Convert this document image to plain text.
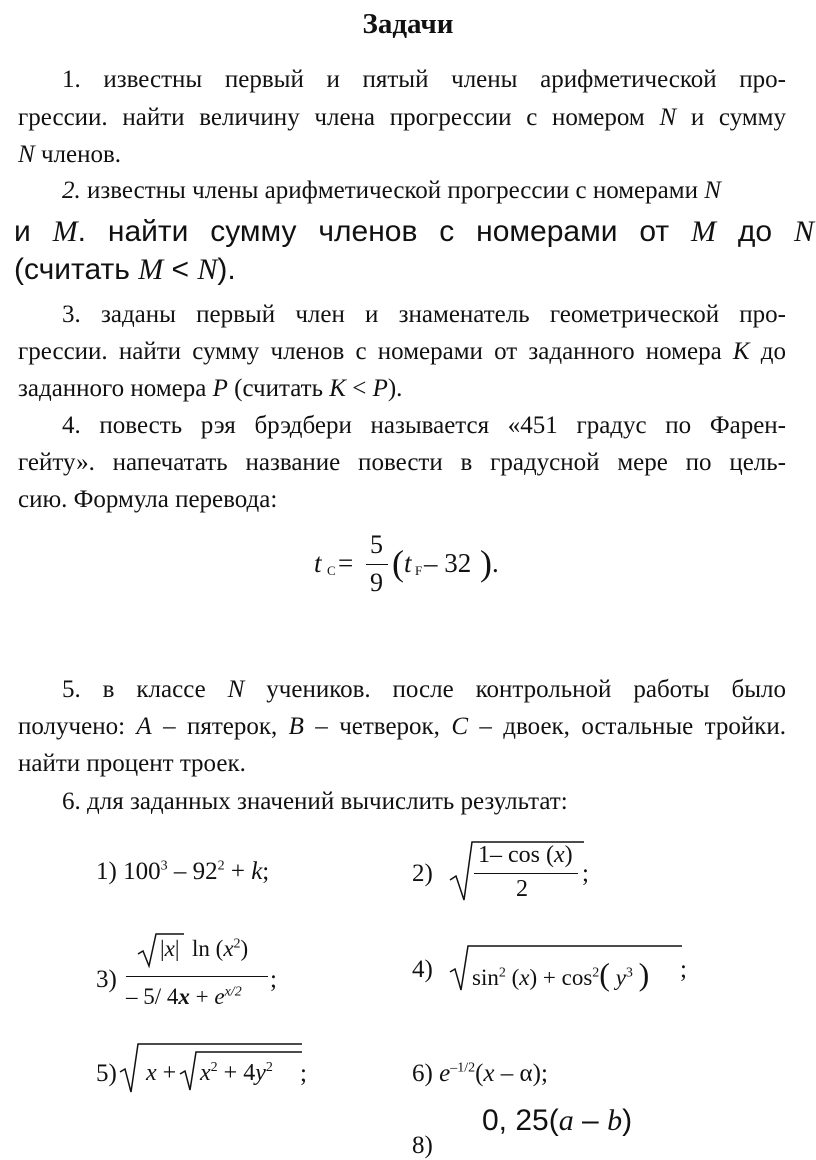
Задачи
1. известны первый и пятый члены арифметической про-
грессии. найти величину члена прогрессии с номером N и сумму
N членов.
2. известны члены арифметической прогрессии с номерами N
и M. найти сумму членов с номерами от M до N
(считать M < N).
3. заданы первый член и знаменатель геометрической про-
грессии. найти сумму членов с номерами от заданного номера K до
заданного номера P (считать K < P).
4. повесть рэя брэдбери называется «451 градус по Фарен-
гейту». напечатать название повести в градусной мере по цель-
сию. Формула перевода:
t C =
5
9 ( t F – 32 ) .
5. в классе N учеников. после контрольной работы было
получено: A – пятерок, B – четверок, C – двоек, остальные тройки.
найти процент троек.
6. для заданных значений вычислить результат:
1) $100^3 - 92^2 + k$;	2)
1– cos (x)
2
;
3)
|x| $\ln (x^2)$
– 5/ $4x + e^{x/2}$ ;	4) $\sin^2 (x) + \cos^2$( $y^3$ ) ;
5) $x + x^2 + 4y^2$ ;	6) $e^{-1/2}(x - \alpha)$;
8)
0, 25(a – b)
